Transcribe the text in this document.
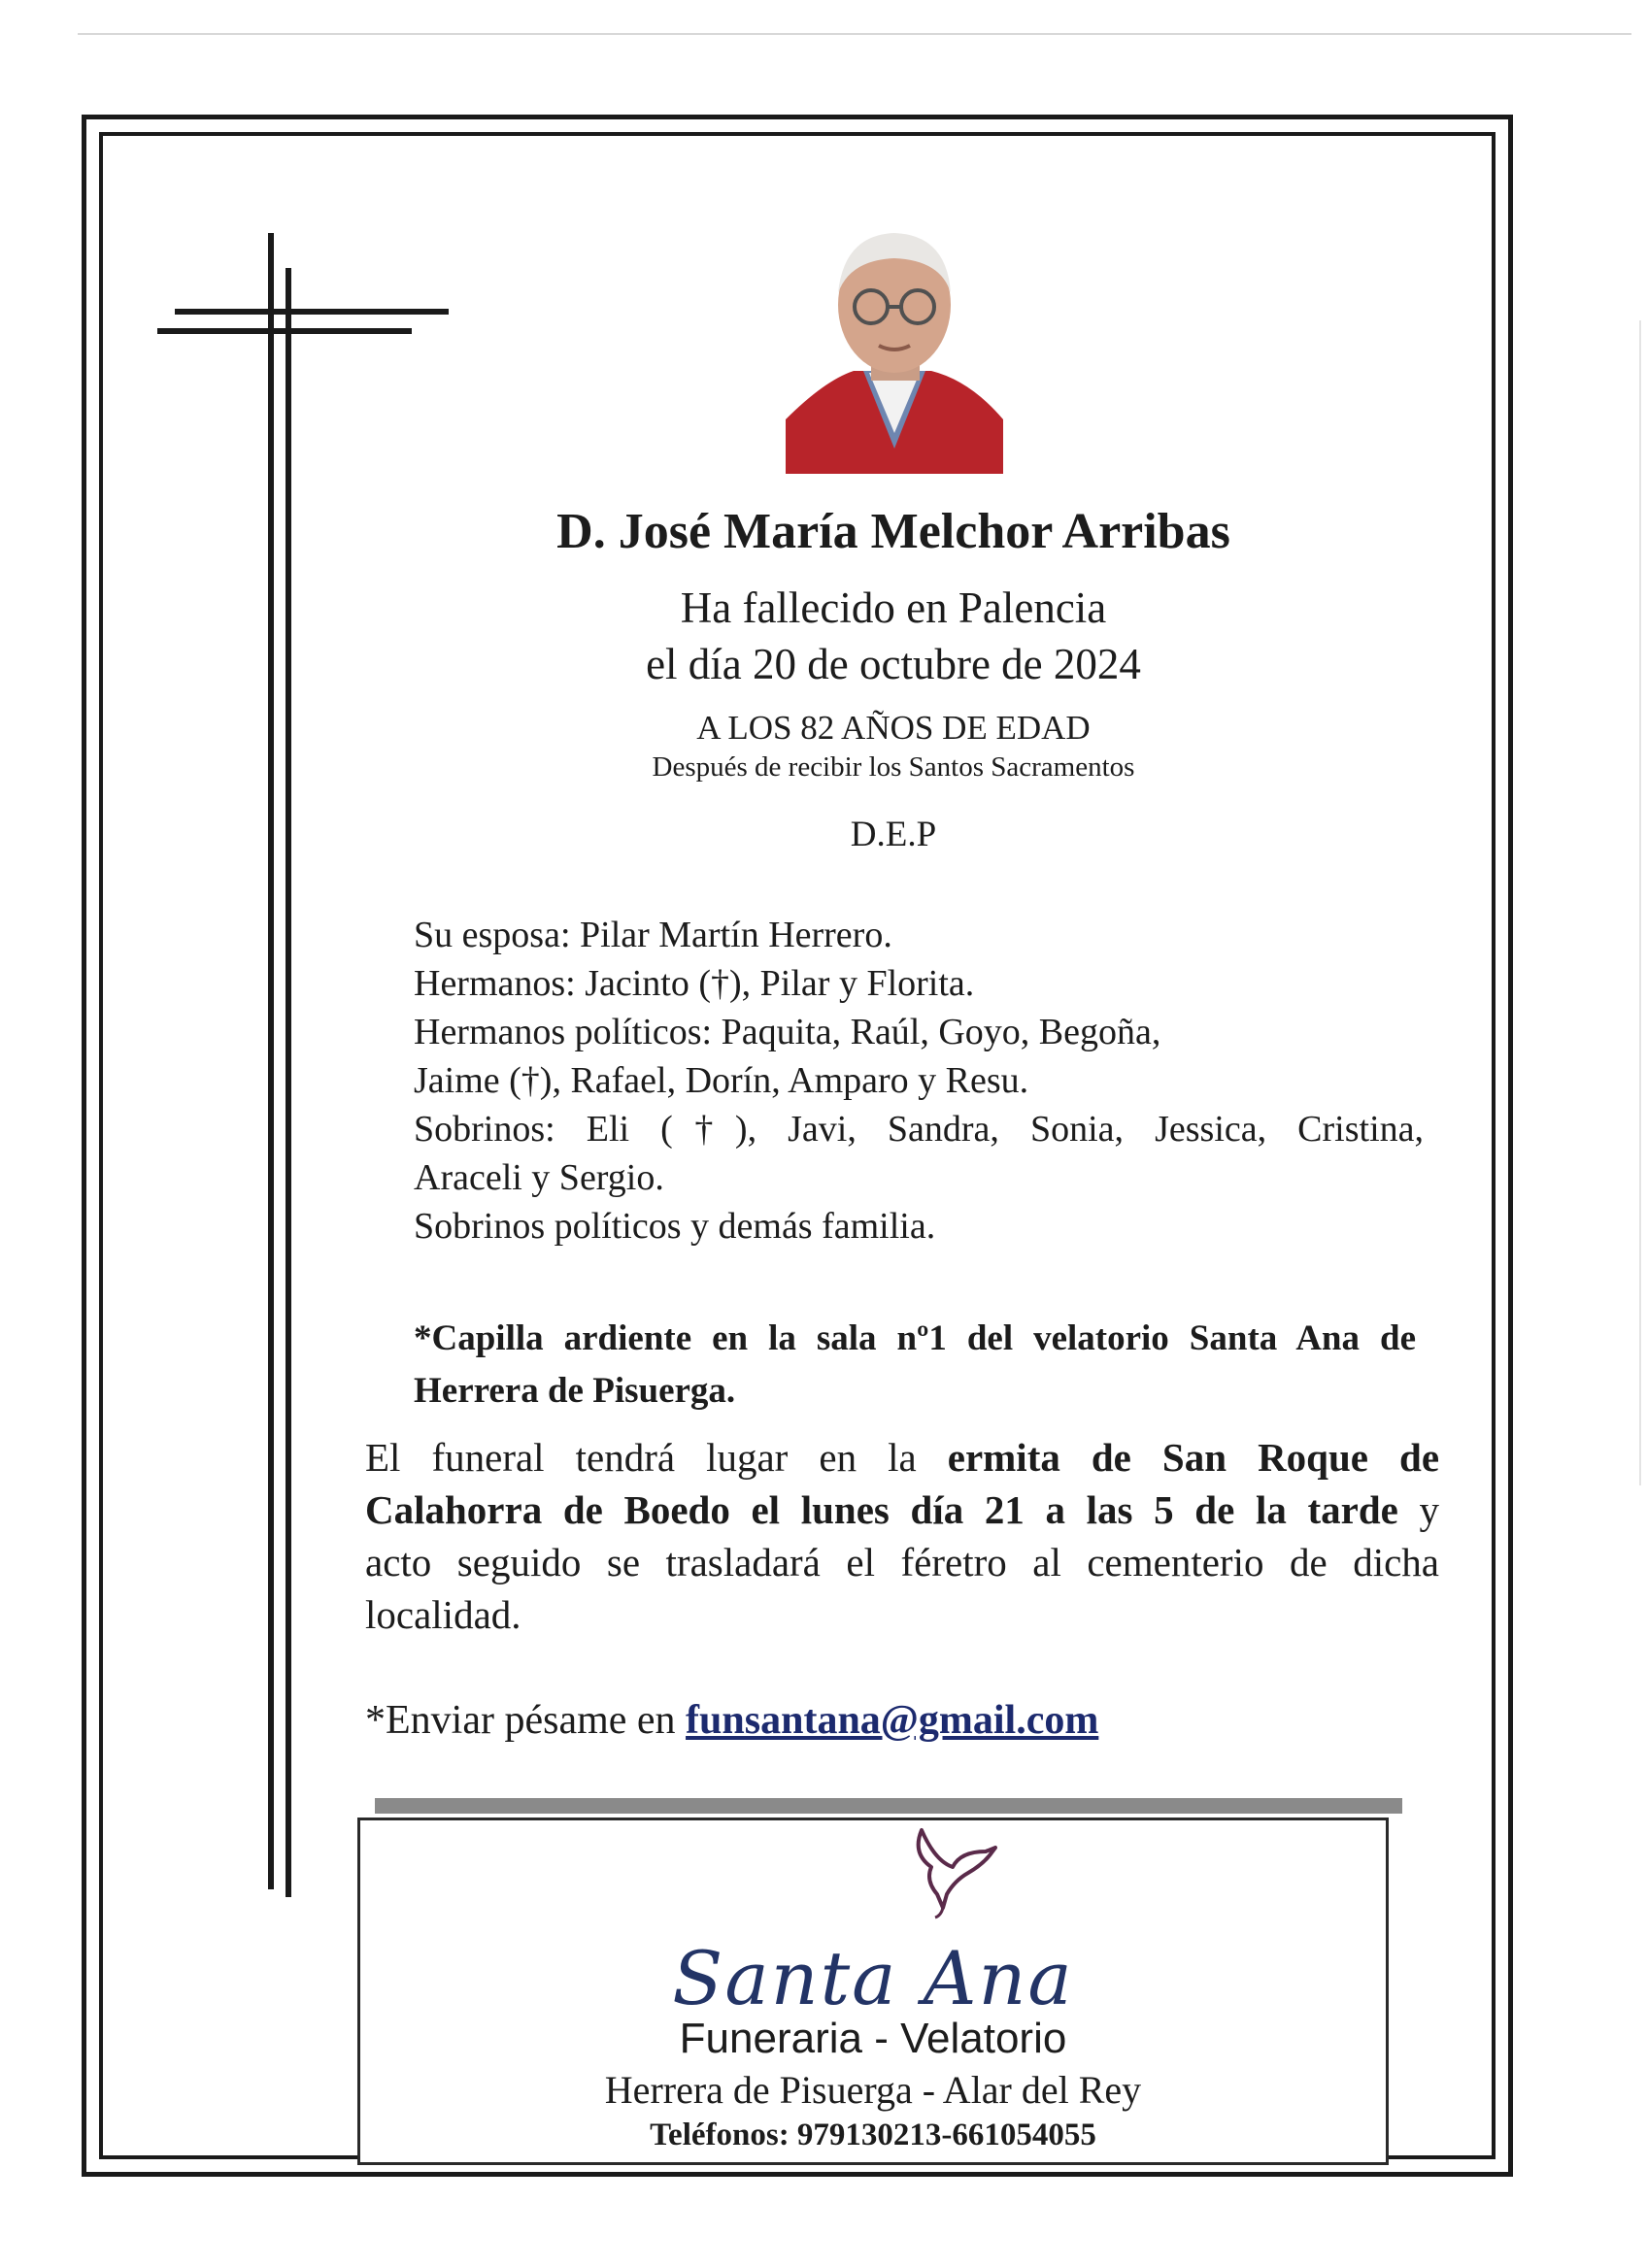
D. José María Melchor Arribas
Ha fallecido en Palencia
el día 20 de octubre de 2024
A LOS 82 AÑOS DE EDAD
Después de recibir los Santos Sacramentos
D.E.P
Su esposa: Pilar Martín Herrero.
Hermanos: Jacinto (†), Pilar y Florita.
Hermanos políticos: Paquita, Raúl, Goyo, Begoña,
Jaime (†), Rafael, Dorín, Amparo y Resu.
Sobrinos: Eli (†), Javi, Sandra, Sonia, Jessica, Cristina,
Araceli y Sergio.
Sobrinos políticos y demás familia.
*Capilla ardiente en la sala nº1 del velatorio Santa Ana de Herrera de Pisuerga.
El funeral tendrá lugar en la ermita de San Roque de
Calahorra de Boedo el lunes día 21 a las 5 de la tarde y
acto seguido se trasladará el féretro al cementerio de dicha
localidad.
*Enviar pésame en funsantana@gmail.com
Santa Ana
Funeraria - Velatorio
Herrera de Pisuerga - Alar del Rey
Teléfonos: 979130213-661054055
